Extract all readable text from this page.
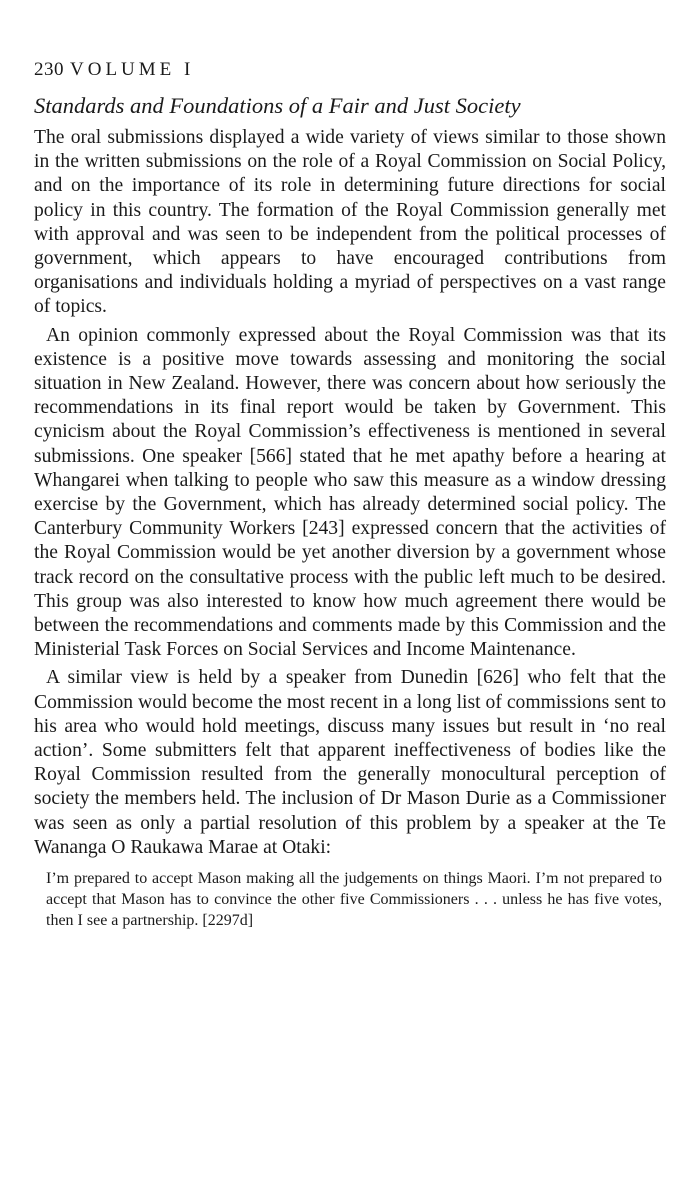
230 VOLUME I
Standards and Foundations of a Fair and Just Society

The oral submissions displayed a wide variety of views similar to those shown in the written submissions on the role of a Royal Commission on Social Policy, and on the importance of its role in determining future directions for social policy in this country. The formation of the Royal Commission generally met with approval and was seen to be independent from the political processes of government, which appears to have encouraged contributions from organisations and individuals holding a myriad of perspectives on a vast range of topics.

An opinion commonly expressed about the Royal Commission was that its existence is a positive move towards assessing and monitoring the social situation in New Zealand. However, there was concern about how seriously the recommendations in its final report would be taken by Government. This cynicism about the Royal Commission’s effectiveness is mentioned in several submissions. One speaker [566] stated that he met apathy before a hearing at Whangarei when talking to people who saw this measure as a window dressing exercise by the Government, which has already determined social policy. The Canterbury Community Workers [243] expressed concern that the activities of the Royal Commission would be yet another diversion by a government whose track record on the consultative process with the public left much to be desired. This group was also interested to know how much agreement there would be between the recommendations and comments made by this Commission and the Ministerial Task Forces on Social Services and Income Maintenance.

A similar view is held by a speaker from Dunedin [626] who felt that the Commission would become the most recent in a long list of commissions sent to his area who would hold meetings, discuss many issues but result in ‘no real action’. Some submitters felt that apparent ineffectiveness of bodies like the Royal Commission resulted from the generally monocultural perception of society the members held. The inclusion of Dr Mason Durie as a Commissioner was seen as only a partial resolution of this problem by a speaker at the Te Wananga O Raukawa Marae at Otaki:

I’m prepared to accept Mason making all the judgements on things Maori. I’m not prepared to accept that Mason has to convince the other five Commissioners . . . unless he has five votes, then I see a partnership. [2297d]
